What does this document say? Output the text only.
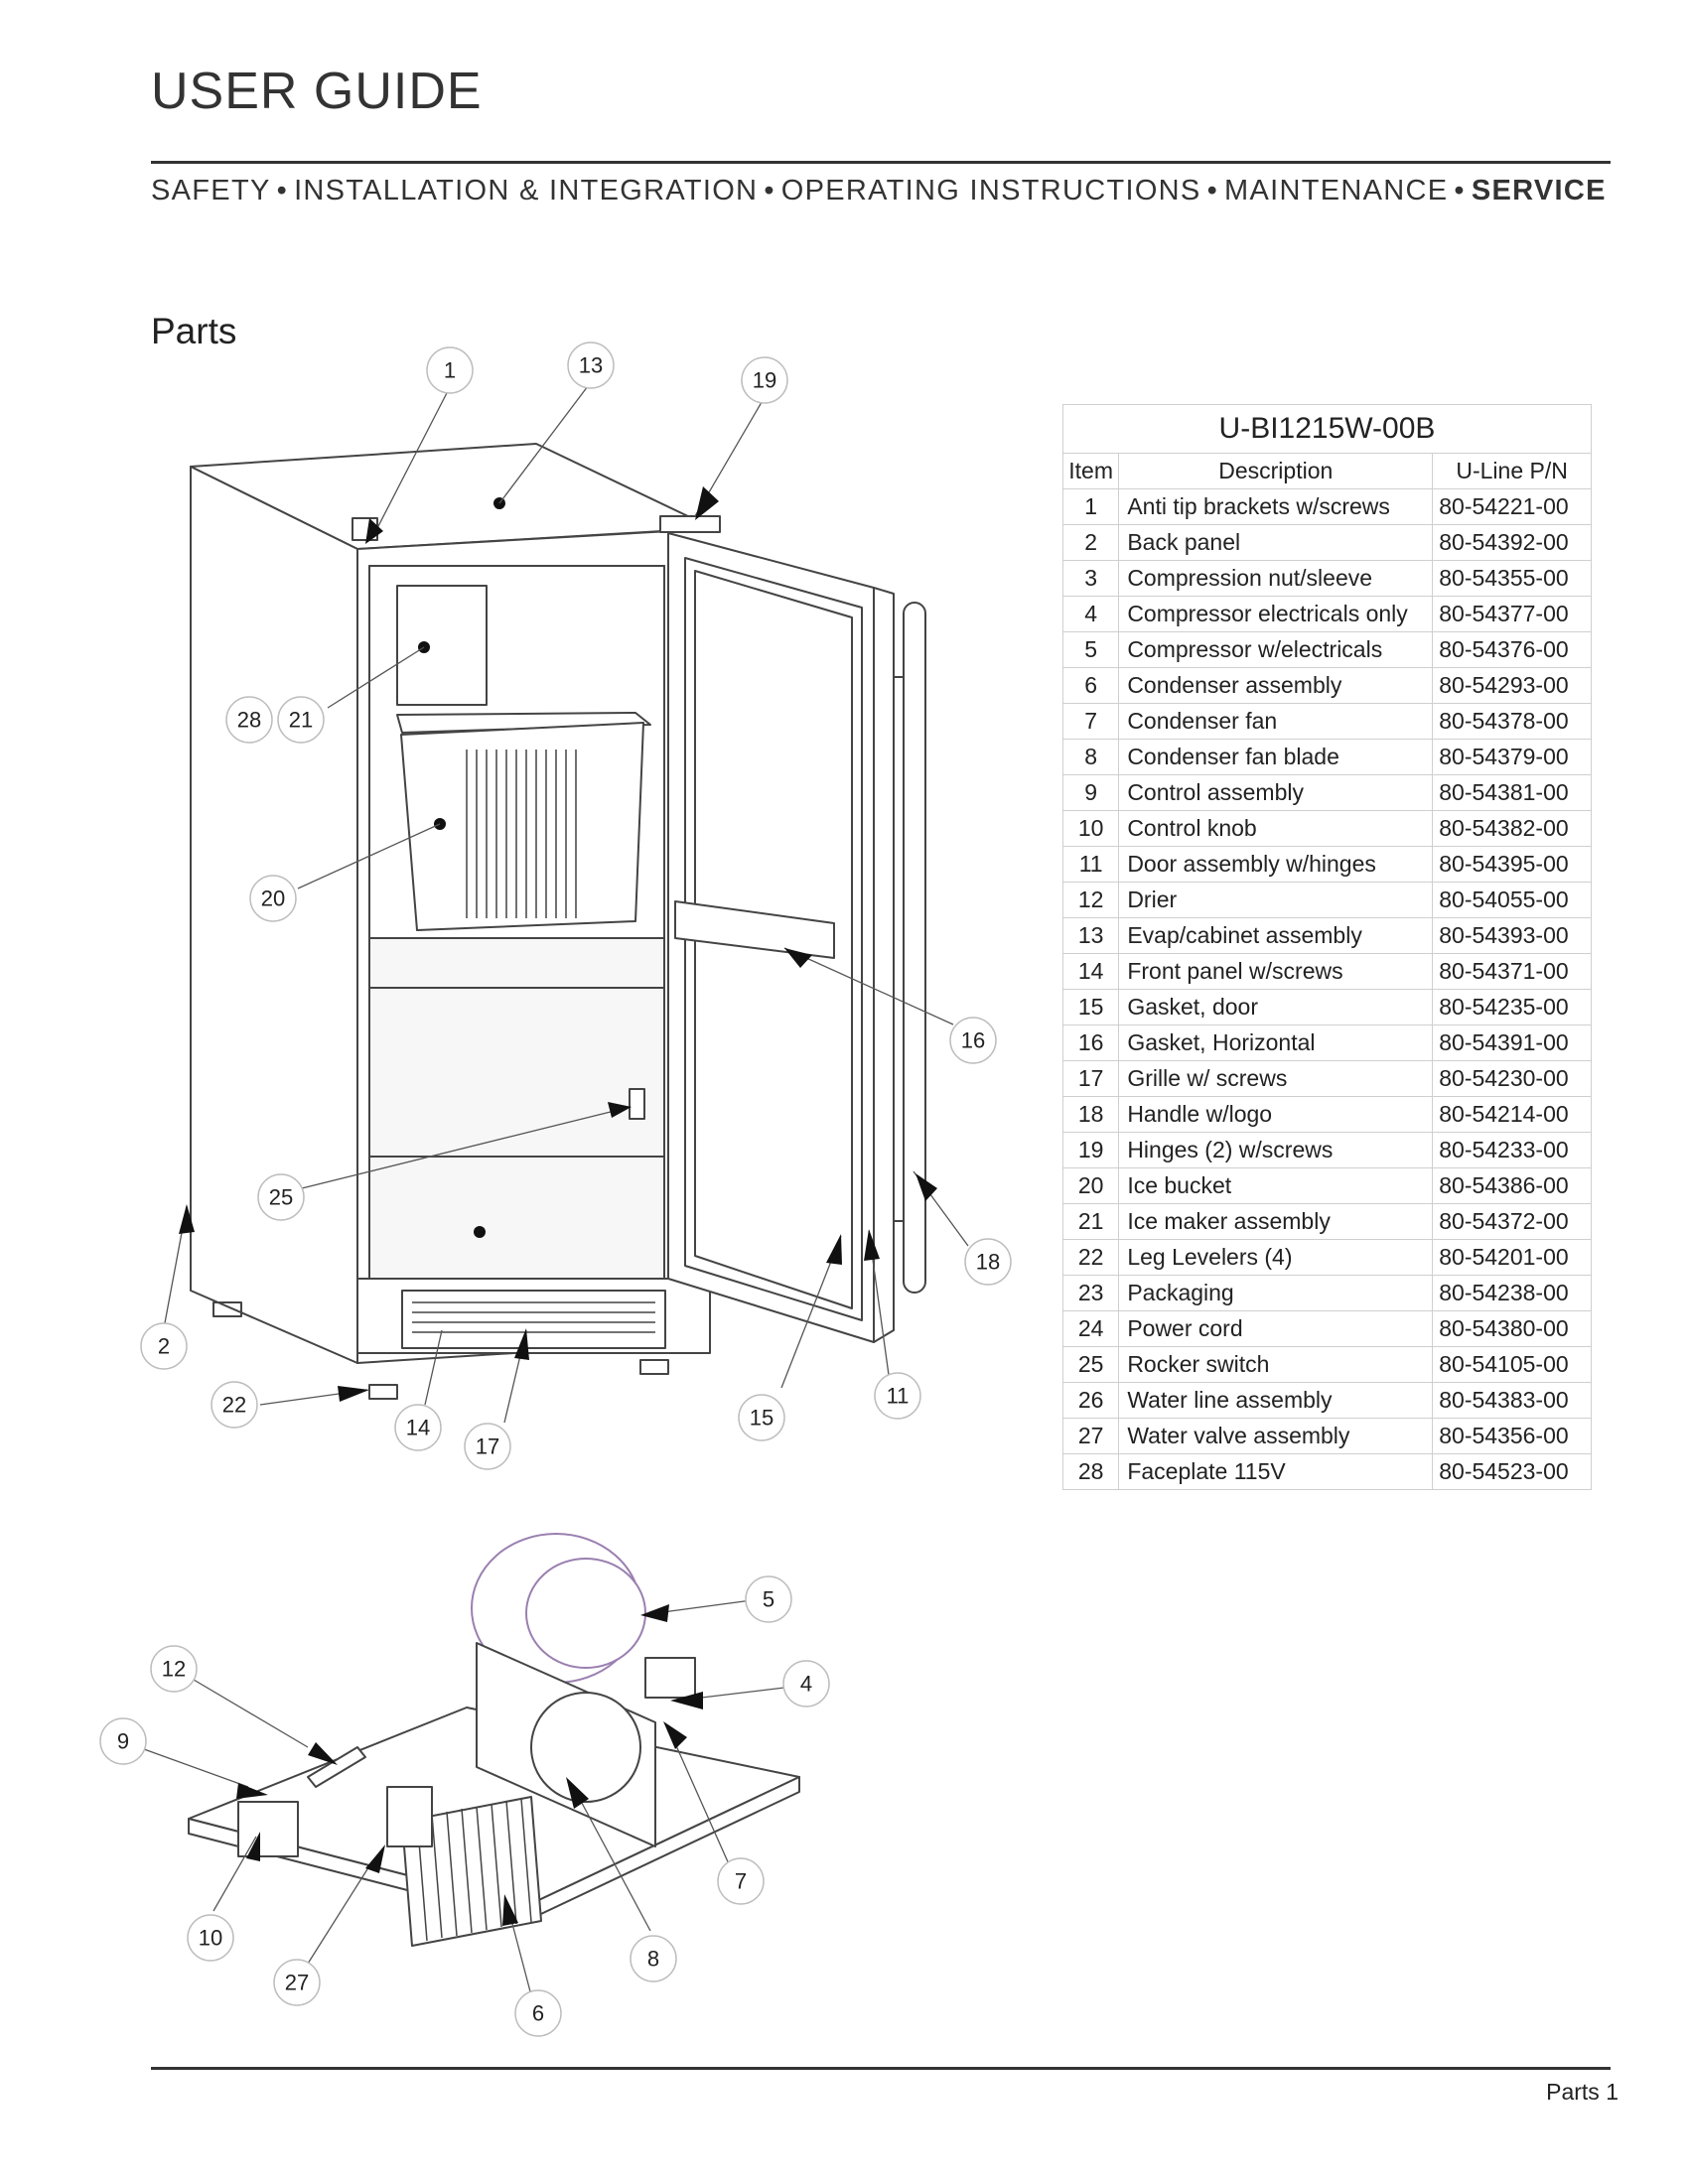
USER GUIDE
SAFETY • INSTALLATION & INTEGRATION • OPERATING INSTRUCTIONS • MAINTENANCE • SERVICE
Parts
1	13
19
28 21
20
16
25
18
2
22
14
17
15
11
5
4
12
9
7
10
8
27
6
U-BI1215W-00B		
Item	Description	U-Line P/N
1	Anti tip brackets w/screws	80-54221-00
2	Back panel	80-54392-00
3	Compression nut/sleeve	80-54355-00
4	Compressor electricals only	80-54377-00
5	Compressor w/electricals	80-54376-00
6	Condenser assembly	80-54293-00
7	Condenser fan	80-54378-00
8	Condenser fan blade	80-54379-00
9	Control assembly	80-54381-00
10	Control knob	80-54382-00
11	Door assembly w/hinges	80-54395-00
12	Drier	80-54055-00
13	Evap/cabinet assembly	80-54393-00
14	Front panel w/screws	80-54371-00
15	Gasket, door	80-54235-00
16	Gasket, Horizontal	80-54391-00
17	Grille w/ screws	80-54230-00
18	Handle w/logo	80-54214-00
19	Hinges (2) w/screws	80-54233-00
20	Ice bucket	80-54386-00
21	Ice maker assembly	80-54372-00
22	Leg Levelers (4)	80-54201-00
23	Packaging	80-54238-00
24	Power cord	80-54380-00
25	Rocker switch	80-54105-00
26	Water line assembly	80-54383-00
27	Water valve assembly	80-54356-00
28	Faceplate 115V	80-54523-00
Parts 1
